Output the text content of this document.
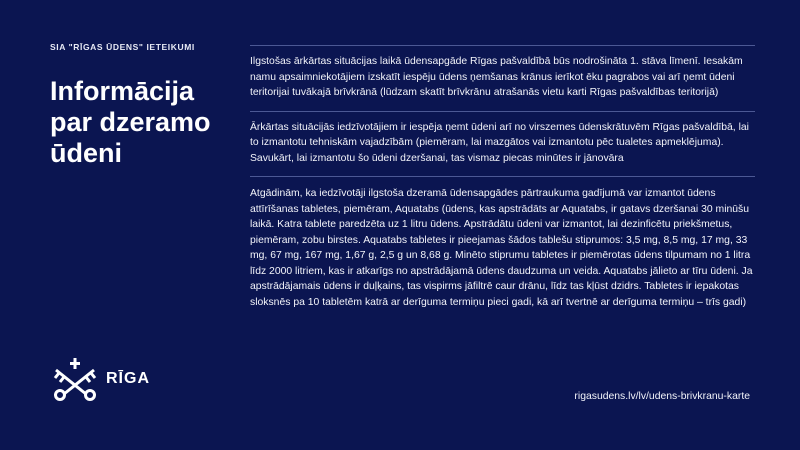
SIA "RĪGAS ŪDENS" IETEIKUMI
Informācija par dzeramo ūdeni
RĪGA

Ilgstošas ārkārtas situācijas laikā ūdensapgāde Rīgas pašvaldībā būs nodrošināta 1. stāva līmenī. Iesakām namu apsaimniekotājiem izskatīt iespēju ūdens ņemšanas krānus ierīkot ēku pagrabos vai arī ņemt ūdeni teritorijai tuvākajā brīvkrānā (lūdzam skatīt brīvkrānu atrašanās vietu karti Rīgas pašvaldības teritorijā)

Ārkārtas situācijās iedzīvotājiem ir iespēja ņemt ūdeni arī no virszemes ūdenskrātuvēm Rīgas pašvaldībā, lai to izmantotu tehniskām vajadzībām (piemēram, lai mazgātos vai izmantotu pēc tualetes apmeklējuma). Savukārt, lai izmantotu šo ūdeni dzeršanai, tas vismaz piecas minūtes ir jānovāra

Atgādinām, ka iedzīvotāji ilgstoša dzeramā ūdensapgādes pārtraukuma gadījumā var izmantot ūdens attīrīšanas tabletes, piemēram, Aquatabs (ūdens, kas apstrādāts ar Aquatabs, ir gatavs dzeršanai 30 minūšu laikā. Katra tablete paredzēta uz 1 litru ūdens. Apstrādātu ūdeni var izmantot, lai dezinficētu priekšmetus, piemēram, zobu birstes. Aquatabs tabletes ir pieejamas šādos tablešu stiprumos: 3,5 mg, 8,5 mg, 17 mg, 33 mg, 67 mg, 167 mg, 1,67 g, 2,5 g un 8,68 g. Minēto stiprumu tabletes ir piemērotas ūdens tilpumam no 1 litra līdz 2000 litriem, kas ir atkarīgs no apstrādājamā ūdens daudzuma un veida. Aquatabs jālieto ar tīru ūdeni. Ja apstrādājamais ūdens ir duļķains, tas vispirms jāfiltrē caur drānu, līdz tas kļūst dzidrs. Tabletes ir iepakotas sloksnēs pa 10 tabletēm katrā ar derīguma termiņu pieci gadi, kā arī tvertnē ar derīguma termiņu – trīs gadi)

rigasudens.lv/lv/udens-brivkranu-karte
